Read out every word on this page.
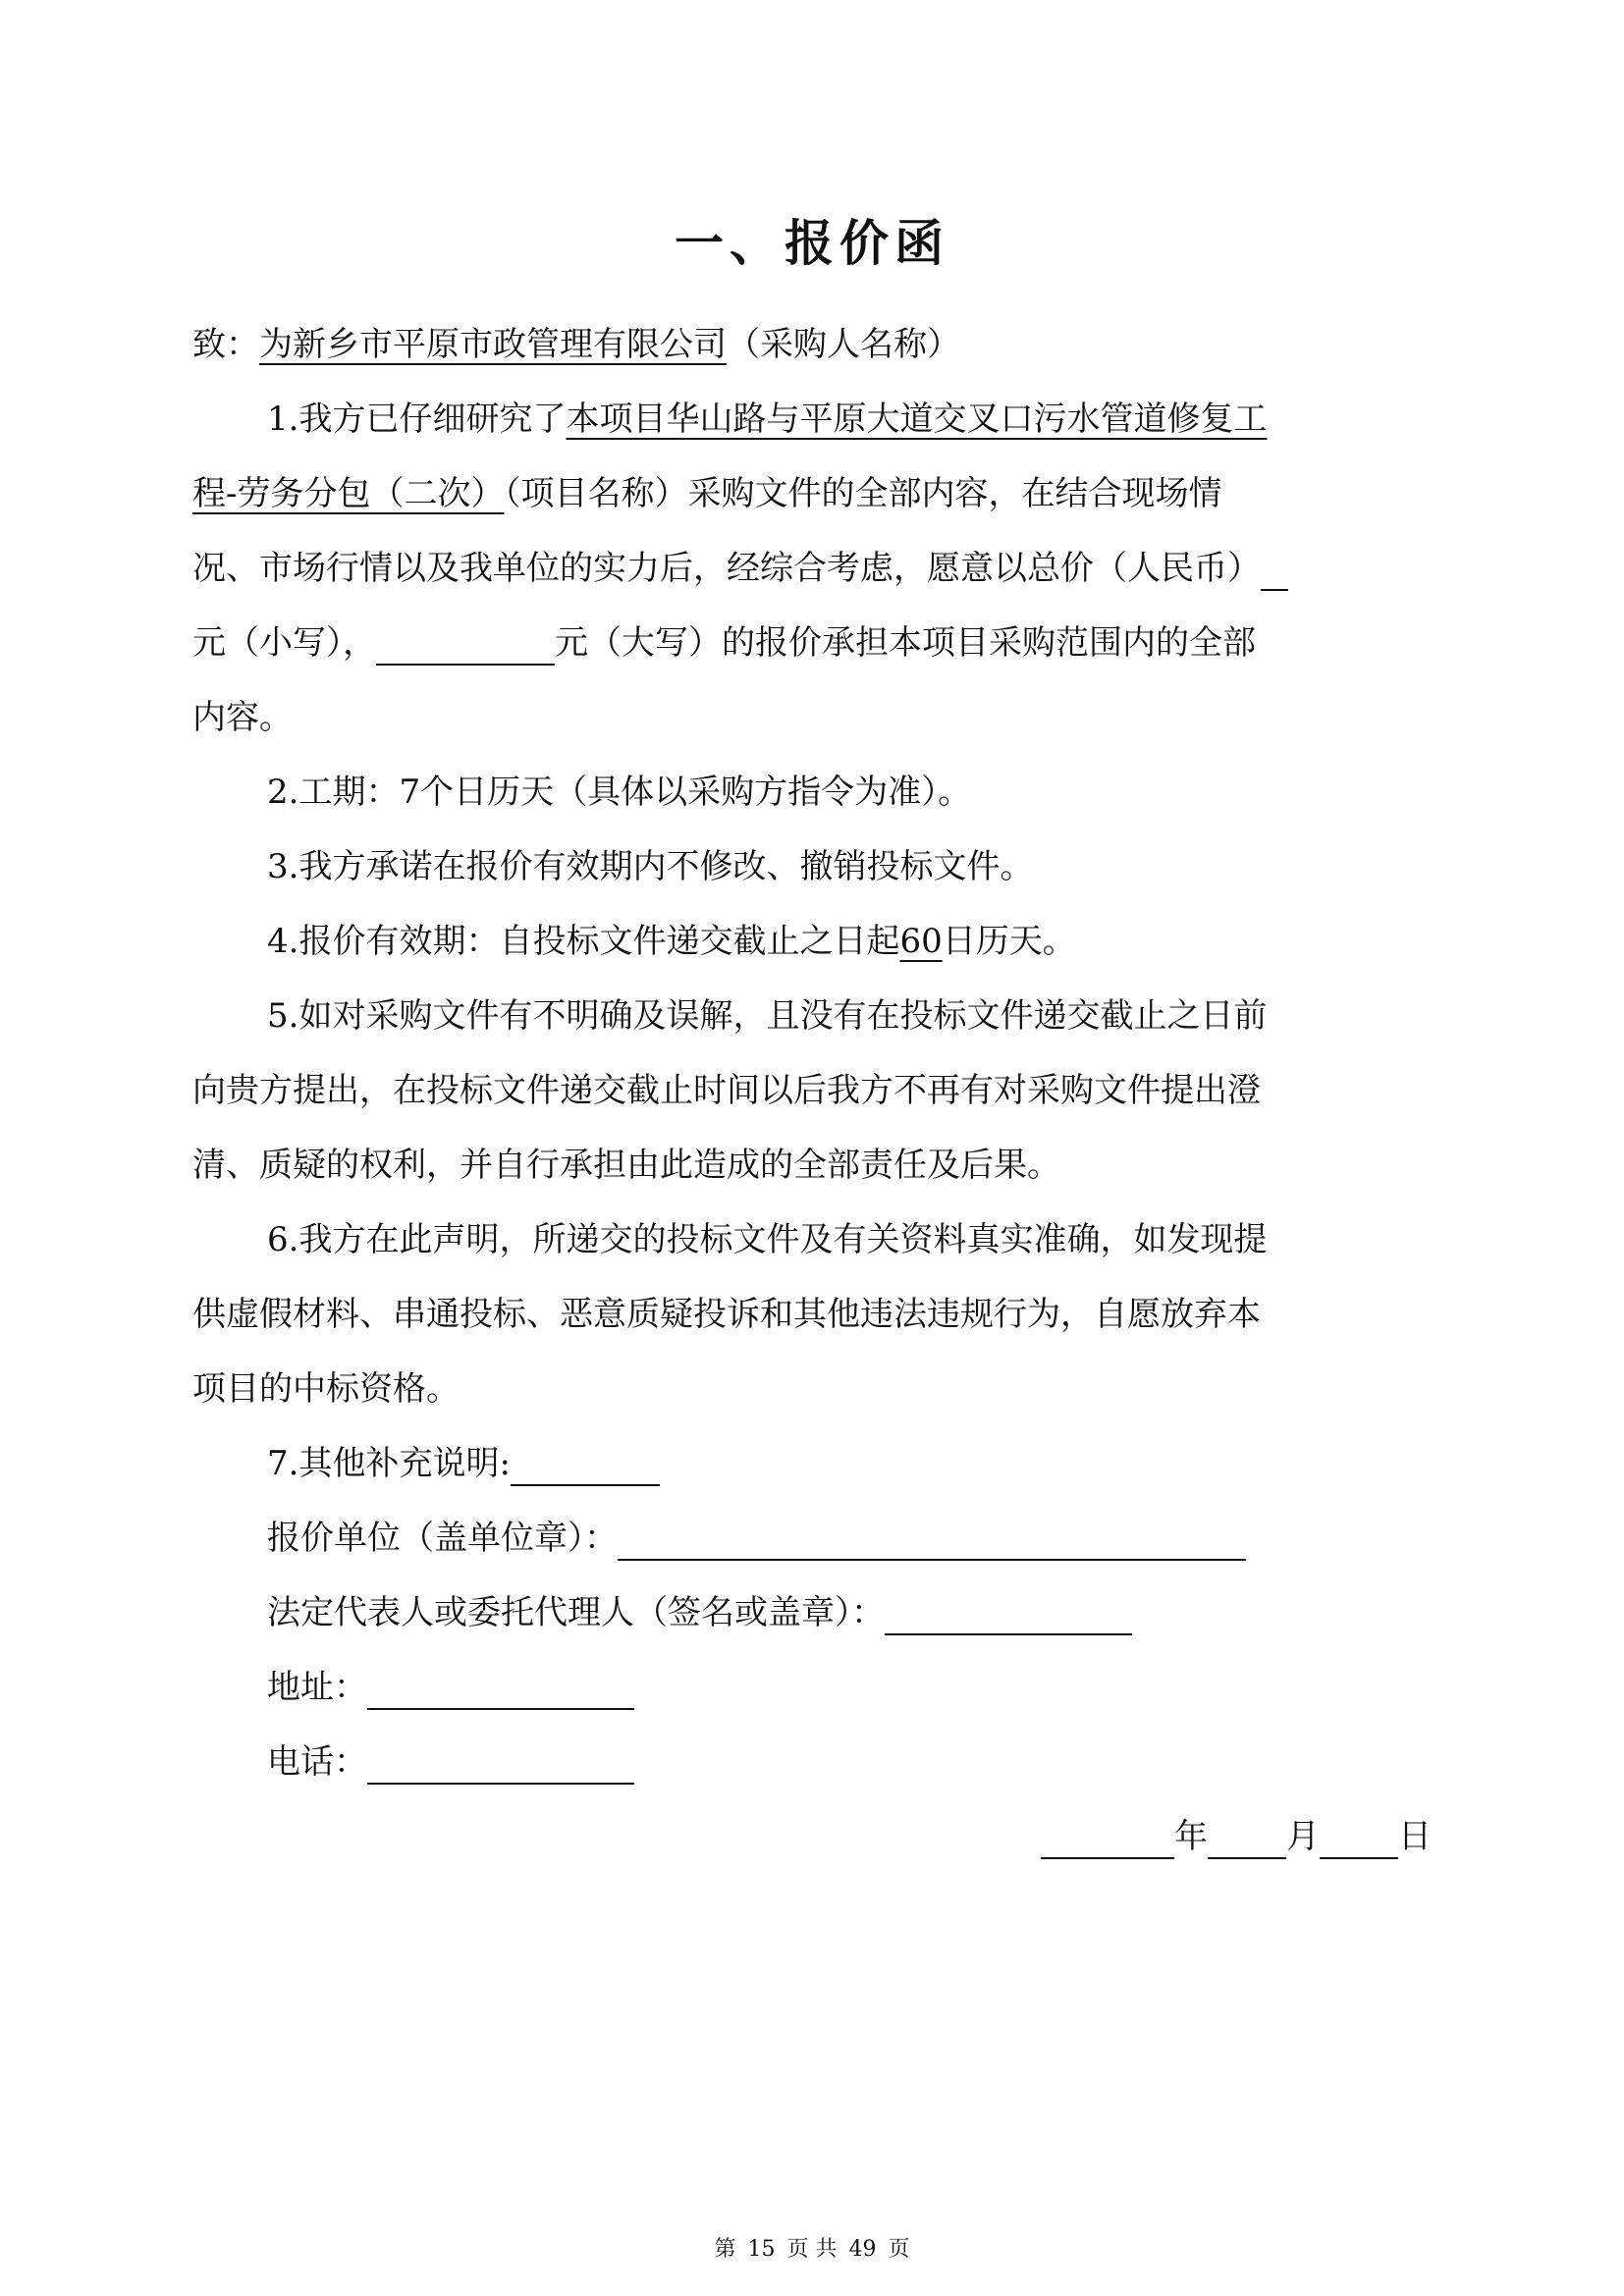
一、报价函
致：为新乡市平原市政管理有限公司（采购人名称）
1.我方已仔细研究了本项目华山路与平原大道交叉口污水管道修复工
程-劳务分包（二次）（项目名称）采购文件的全部内容，在结合现场情
况、市场行情以及我单位的实力后，经综合考虑，愿意以总价（人民币）
元（小写），	元（大写）的报价承担本项目采购范围内的全部
内容。
2.工期：7个日历天（具体以采购方指令为准）。
3.我方承诺在报价有效期内不修改、撤销投标文件。
4.报价有效期：自投标文件递交截止之日起60日历天。
5.如对采购文件有不明确及误解，且没有在投标文件递交截止之日前
向贵方提出，在投标文件递交截止时间以后我方不再有对采购文件提出澄
清、质疑的权利，并自行承担由此造成的全部责任及后果。
6.我方在此声明，所递交的投标文件及有关资料真实准确，如发现提
供虚假材料、串通投标、恶意质疑投诉和其他违法违规行为，自愿放弃本
项目的中标资格。
7.其他补充说明:
报价单位（盖单位章）：
法定代表人或委托代理人（签名或盖章）：
地址：
电话：
年 月 日
第 15 页 共 49 页
